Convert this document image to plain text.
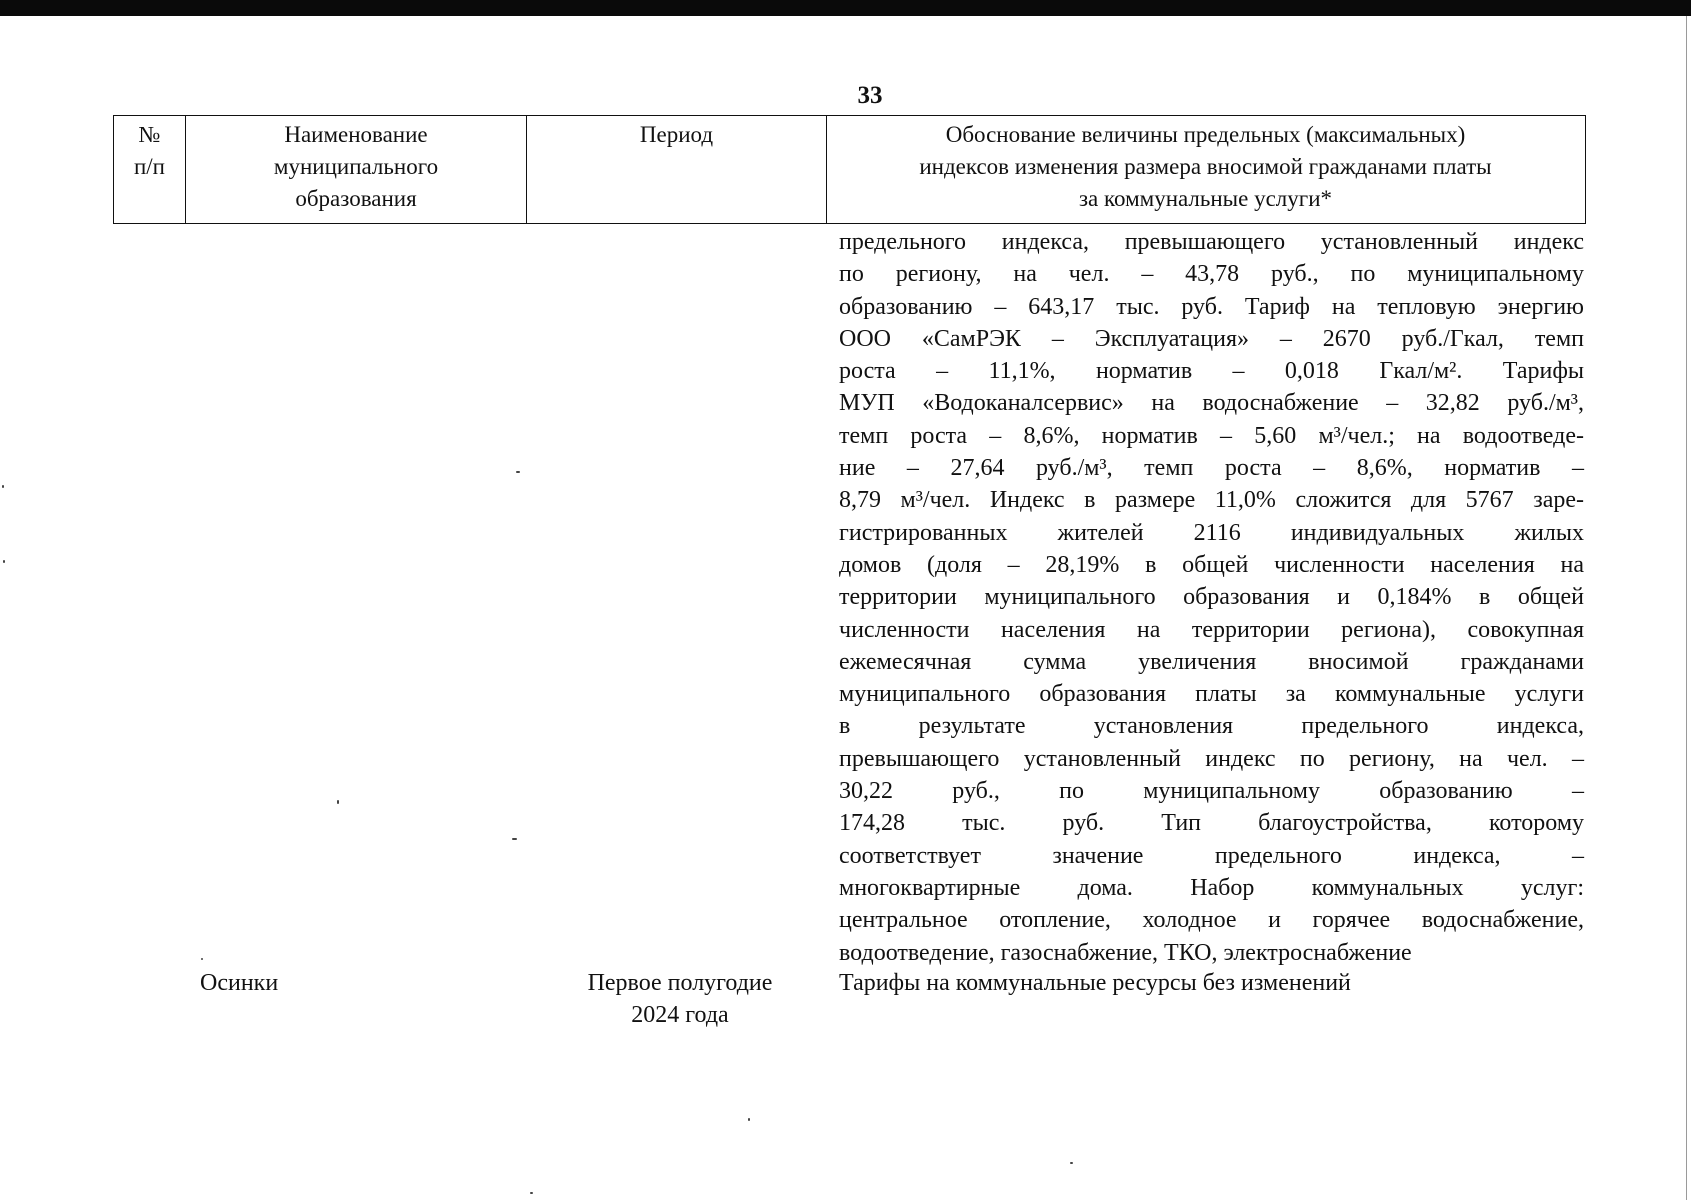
33
№
п/п
Наименование
муниципального
образования
Период	Обоснование величины предельных (максимальных)
индексов изменения размера вносимой гражданами платы
за коммунальные услуги*
предельного индекса, превышающего установленный индекс
по региону, на чел. – 43,78 руб., по муниципальному
образованию – 643,17 тыс. руб. Тариф на тепловую энергию
ООО «СамРЭК – Эксплуатация» – 2670 руб./Гкал, темп
роста – 11,1%, норматив – 0,018 Гкал/м². Тарифы
МУП «Водоканалсервис» на водоснабжение – 32,82 руб./м³,
темп роста – 8,6%, норматив – 5,60 м³/чел.; на водоотведе-
ние – 27,64 руб./м³, темп роста – 8,6%, норматив –
8,79 м³/чел. Индекс в размере 11,0% сложится для 5767 заре-
гистрированных жителей 2116 индивидуальных жилых
домов (доля – 28,19% в общей численности населения на
территории муниципального образования и 0,184% в общей
численности населения на территории региона), совокупная
ежемесячная сумма увеличения вносимой гражданами
муниципального образования платы за коммунальные услуги
в результате установления предельного индекса,
превышающего установленный индекс по региону, на чел. –
30,22 руб., по муниципальному образованию –
174,28 тыс. руб. Тип благоустройства, которому
соответствует значение предельного индекса, –
многоквартирные дома. Набор коммунальных услуг:
центральное отопление, холодное и горячее водоснабжение,
водоотведение, газоснабжение, ТКО, электроснабжение
Осинки	Первое полугодие
2024 года
Тарифы на коммунальные ресурсы без изменений
